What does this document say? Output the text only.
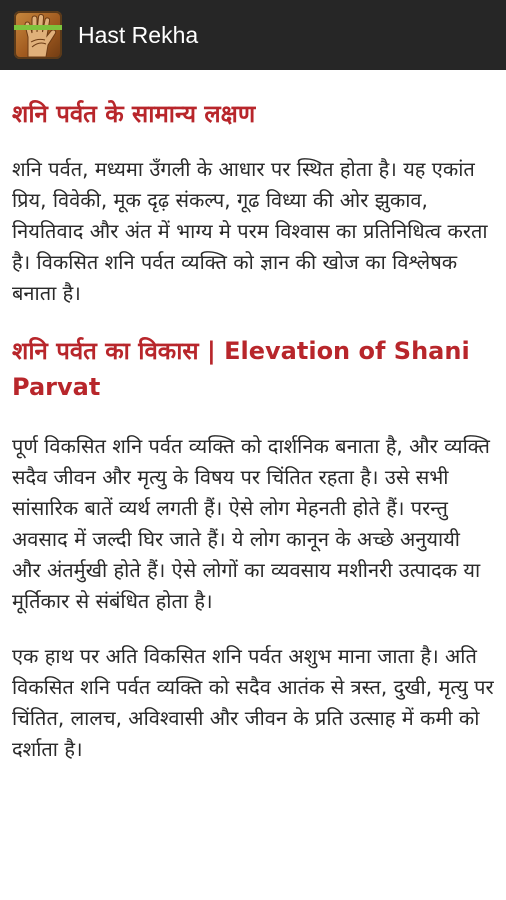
Hast Rekha
शनि पर्वत के सामान्य लक्षण

शनि पर्वत, मध्यमा उँगली के आधार पर स्थित होता है। यह एकांत प्रिय, विवेकी, मूक दृढ़ संकल्प, गूढ विध्या की ओर झुकाव, नियतिवाद और अंत में भाग्य मे परम विश्वास का प्रतिनिधित्व करता है। विकसित शनि पर्वत व्यक्ति को ज्ञान की खोज का विश्लेषक बनाता है।

शनि पर्वत का विकास | Elevation of Shani Parvat

पूर्ण विकसित शनि पर्वत व्यक्ति को दार्शनिक बनाता है, और व्यक्ति सदैव जीवन और मृत्यु के विषय पर चिंतित रहता है। उसे सभी सांसारिक बातें व्यर्थ लगती हैं। ऐसे लोग मेहनती होते हैं। परन्तु अवसाद में जल्दी घिर जाते हैं। ये लोग कानून के अच्छे अनुयायी और अंतर्मुखी होते हैं। ऐसे लोगों का व्यवसाय मशीनरी उत्पादक या मूर्तिकार से संबंधित होता है।

एक हाथ पर अति विकसित शनि पर्वत अशुभ माना जाता है। अति विकसित शनि पर्वत व्यक्ति को सदैव आतंक से त्रस्त, दुखी, मृत्यु पर चिंतित, लालच, अविश्वासी और जीवन के प्रति उत्साह में कमी को दर्शाता है।
